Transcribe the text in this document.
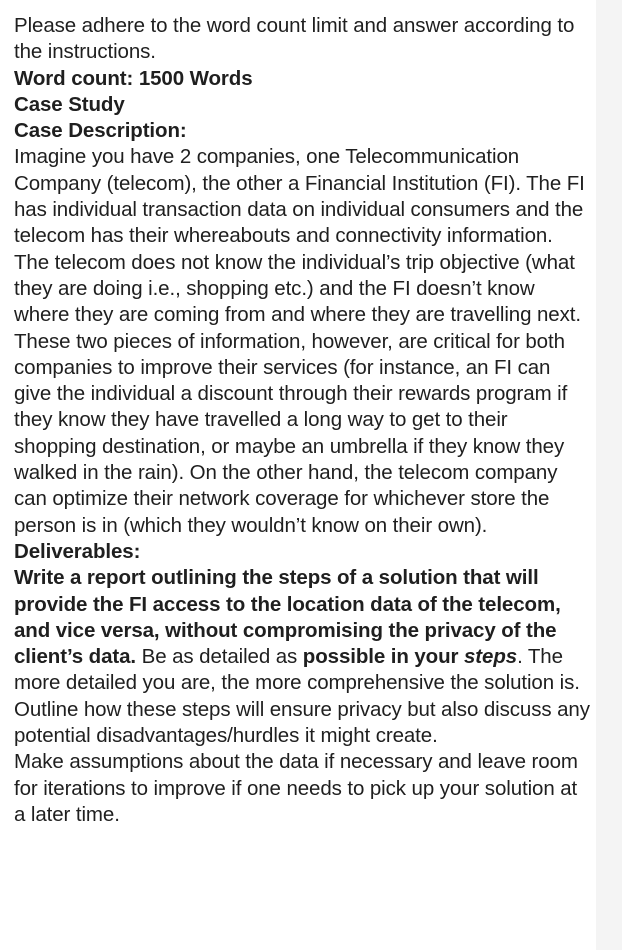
Please adhere to the word count limit and answer according to the instructions.

Word count: 1500 Words

Case Study

Case Description:

Imagine you have 2 companies, one Telecommunication Company (telecom), the other a Financial Institution (FI). The FI has individual transaction data on individual consumers and the telecom has their whereabouts and connectivity information. The telecom does not know the individual’s trip objective (what they are doing i.e., shopping etc.) and the FI doesn’t know where they are coming from and where they are travelling next. These two pieces of information, however, are critical for both companies to improve their services (for instance, an FI can give the individual a discount through their rewards program if they know they have travelled a long way to get to their shopping destination, or maybe an umbrella if they know they walked in the rain). On the other hand, the telecom company can optimize their network coverage for whichever store the person is in (which they wouldn’t know on their own).

Deliverables:

Write a report outlining the steps of a solution that will provide the FI access to the location data of the telecom, and vice versa, without compromising the privacy of the client’s data. Be as detailed as possible in your steps. The more detailed you are, the more comprehensive the solution is.

Outline how these steps will ensure privacy but also discuss any potential disadvantages/hurdles it might create.

Make assumptions about the data if necessary and leave room for iterations to improve if one needs to pick up your solution at a later time.
